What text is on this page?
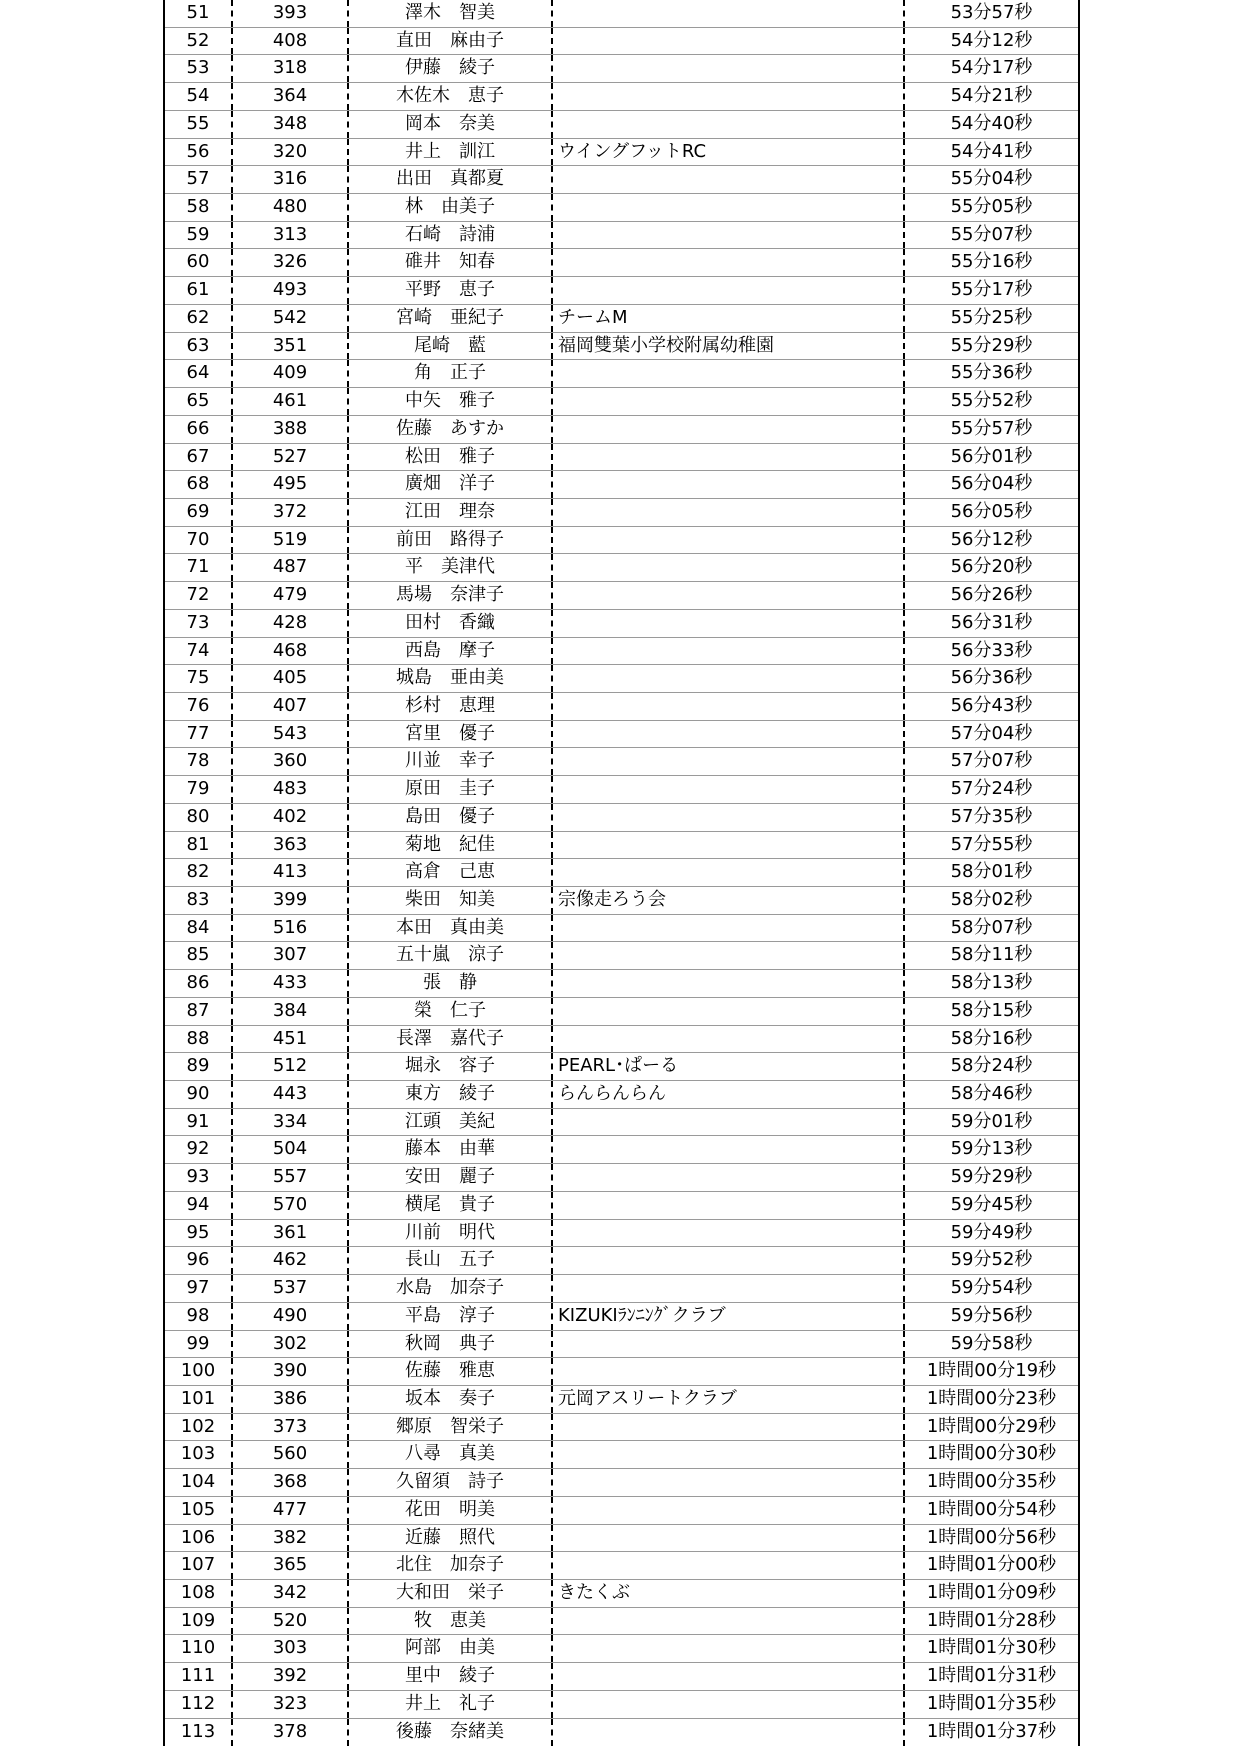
51	393	澤木　智美	53分57秒
52	408	直田　麻由子	54分12秒
53	318	伊藤　綾子	54分17秒
54	364	木佐木　恵子	54分21秒
55	348	岡本　奈美	54分40秒
56	320	井上　訓江	ウイングフットRC	54分41秒
57	316	出田　真都夏	55分04秒
58	480	林　由美子	55分05秒
59	313	石崎　詩浦	55分07秒
60	326	碓井　知春	55分16秒
61	493	平野　恵子	55分17秒
62	542	宮崎　亜紀子	チームM	55分25秒
63	351	尾崎　藍	福岡雙葉小学校附属幼稚園	55分29秒
64	409	角　正子	55分36秒
65	461	中矢　雅子	55分52秒
66	388	佐藤　あすか	55分57秒
67	527	松田　雅子	56分01秒
68	495	廣畑　洋子	56分04秒
69	372	江田　理奈	56分05秒
70	519	前田　路得子	56分12秒
71	487	平　美津代	56分20秒
72	479	馬場　奈津子	56分26秒
73	428	田村　香織	56分31秒
74	468	西島　摩子	56分33秒
75	405	城島　亜由美	56分36秒
76	407	杉村　恵理	56分43秒
77	543	宮里　優子	57分04秒
78	360	川並　幸子	57分07秒
79	483	原田　圭子	57分24秒
80	402	島田　優子	57分35秒
81	363	菊地　紀佳	57分55秒
82	413	高倉　己恵	58分01秒
83	399	柴田　知美	宗像走ろう会	58分02秒
84	516	本田　真由美	58分07秒
85	307	五十嵐　涼子	58分11秒
86	433	張　静	58分13秒
87	384	榮　仁子	58分15秒
88	451	長澤　嘉代子	58分16秒
89	512	堀永　容子	PEARL･ぱーる	58分24秒
90	443	東方　綾子	らんらんらん	58分46秒
91	334	江頭　美紀	59分01秒
92	504	藤本　由華	59分13秒
93	557	安田　麗子	59分29秒
94	570	横尾　貴子	59分45秒
95	361	川前　明代	59分49秒
96	462	長山　五子	59分52秒
97	537	水島　加奈子	59分54秒
98	490	平島　淳子	KIZUKIﾗﾝﾆﾝｸﾞクラブ	59分56秒
99	302	秋岡　典子	59分58秒
100	390	佐藤　雅恵	1時間00分19秒
101	386	坂本　奏子	元岡アスリートクラブ	1時間00分23秒
102	373	郷原　智栄子	1時間00分29秒
103	560	八尋　真美	1時間00分30秒
104	368	久留須　詩子	1時間00分35秒
105	477	花田　明美	1時間00分54秒
106	382	近藤　照代	1時間00分56秒
107	365	北住　加奈子	1時間01分00秒
108	342	大和田　栄子	きたくぶ	1時間01分09秒
109	520	牧　恵美	1時間01分28秒
110	303	阿部　由美	1時間01分30秒
111	392	里中　綾子	1時間01分31秒
112	323	井上　礼子	1時間01分35秒
113	378	後藤　奈緒美	1時間01分37秒
